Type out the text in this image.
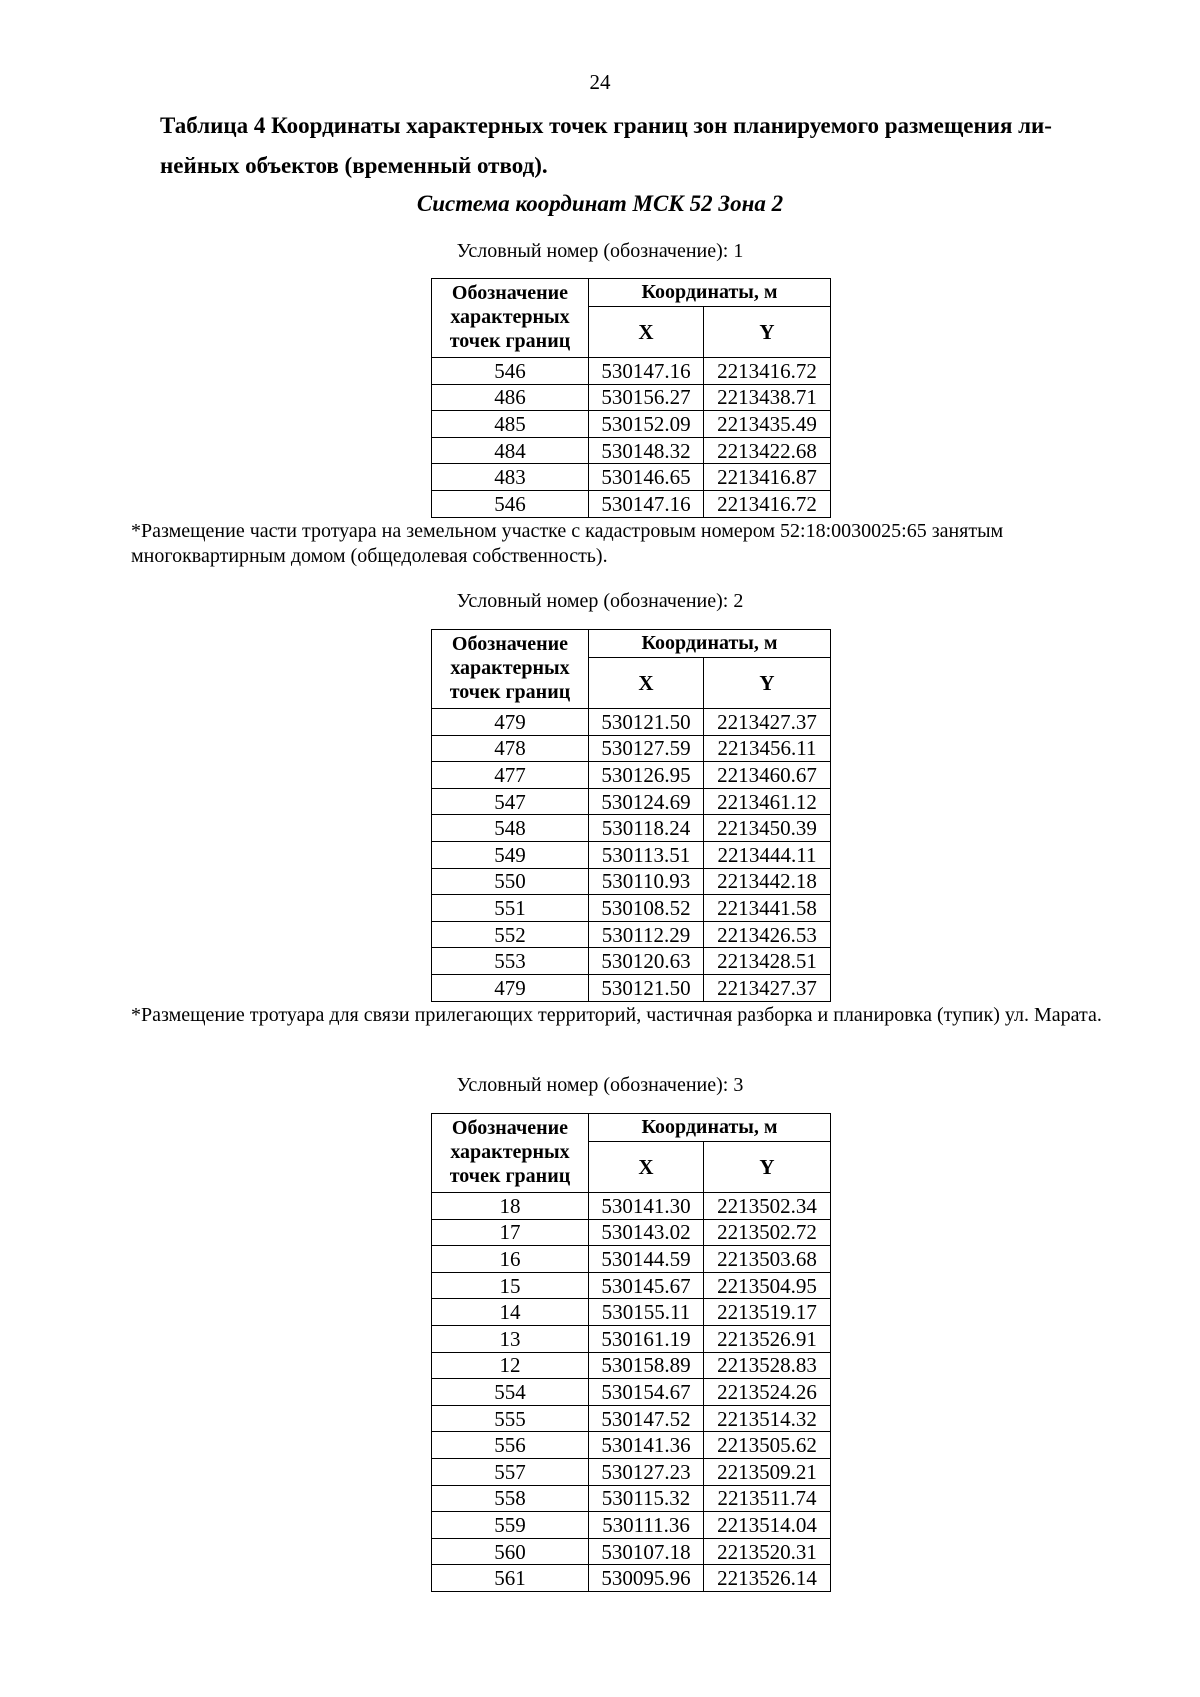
24
Таблица 4 Координаты характерных точек границ зон планируемого размещения ли-
нейных объектов (временный отвод).
Система координат МСК 52 Зона 2
Условный номер (обозначение): 1
Обозначение характерных точек границ	Координаты, м	
	X	Y
546	530147.16	2213416.72
486	530156.27	2213438.71
485	530152.09	2213435.49
484	530148.32	2213422.68
483	530146.65	2213416.87
546	530147.16	2213416.72
*Размещение части тротуара на земельном участке с кадастровым номером 52:18:0030025:65 занятым многоквартирным домом (общедолевая собственность).
Условный номер (обозначение): 2
Обозначение характерных точек границ	Координаты, м	
	X	Y
479	530121.50	2213427.37
478	530127.59	2213456.11
477	530126.95	2213460.67
547	530124.69	2213461.12
548	530118.24	2213450.39
549	530113.51	2213444.11
550	530110.93	2213442.18
551	530108.52	2213441.58
552	530112.29	2213426.53
553	530120.63	2213428.51
479	530121.50	2213427.37
*Размещение тротуара для связи прилегающих территорий, частичная разборка и планировка (тупик) ул. Марата.
Условный номер (обозначение): 3
Обозначение характерных точек границ	Координаты, м	
	X	Y
18	530141.30	2213502.34
17	530143.02	2213502.72
16	530144.59	2213503.68
15	530145.67	2213504.95
14	530155.11	2213519.17
13	530161.19	2213526.91
12	530158.89	2213528.83
554	530154.67	2213524.26
555	530147.52	2213514.32
556	530141.36	2213505.62
557	530127.23	2213509.21
558	530115.32	2213511.74
559	530111.36	2213514.04
560	530107.18	2213520.31
561	530095.96	2213526.14
